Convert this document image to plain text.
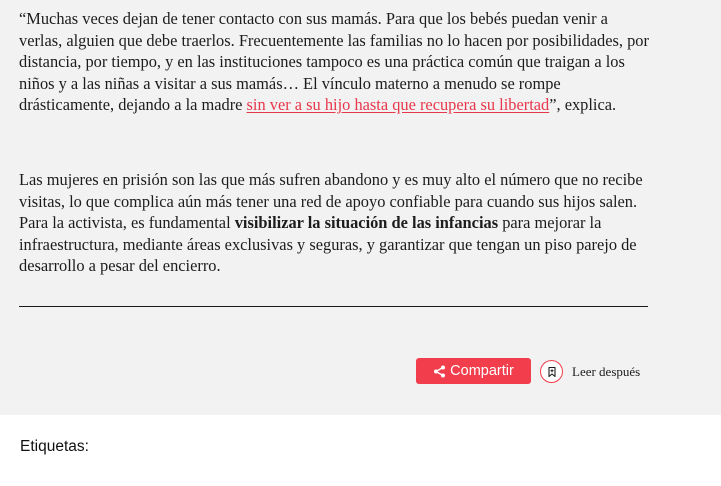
“Muchas veces dejan de tener contacto con sus mamás. Para que los bebés puedan venir a verlas, alguien que debe traerlos. Frecuentemente las familias no lo hacen por posibilidades, por distancia, por tiempo, y en las instituciones tampoco es una práctica común que traigan a los niños y a las niñas a visitar a sus mamás… El vínculo materno a menudo se rompe drásticamente, dejando a la madre sin ver a su hijo hasta que recupera su libertad”, explica.

Las mujeres en prisión son las que más sufren abandono y es muy alto el número que no recibe visitas, lo que complica aún más tener una red de apoyo confiable para cuando sus hijos salen. Para la activista, es fundamental visibilizar la situación de las infancias para mejorar la infraestructura, mediante áreas exclusivas y seguras, y garantizar que tengan un piso parejo de desarrollo a pesar del encierro.

Compartir	Leer después
Etiquetas:
